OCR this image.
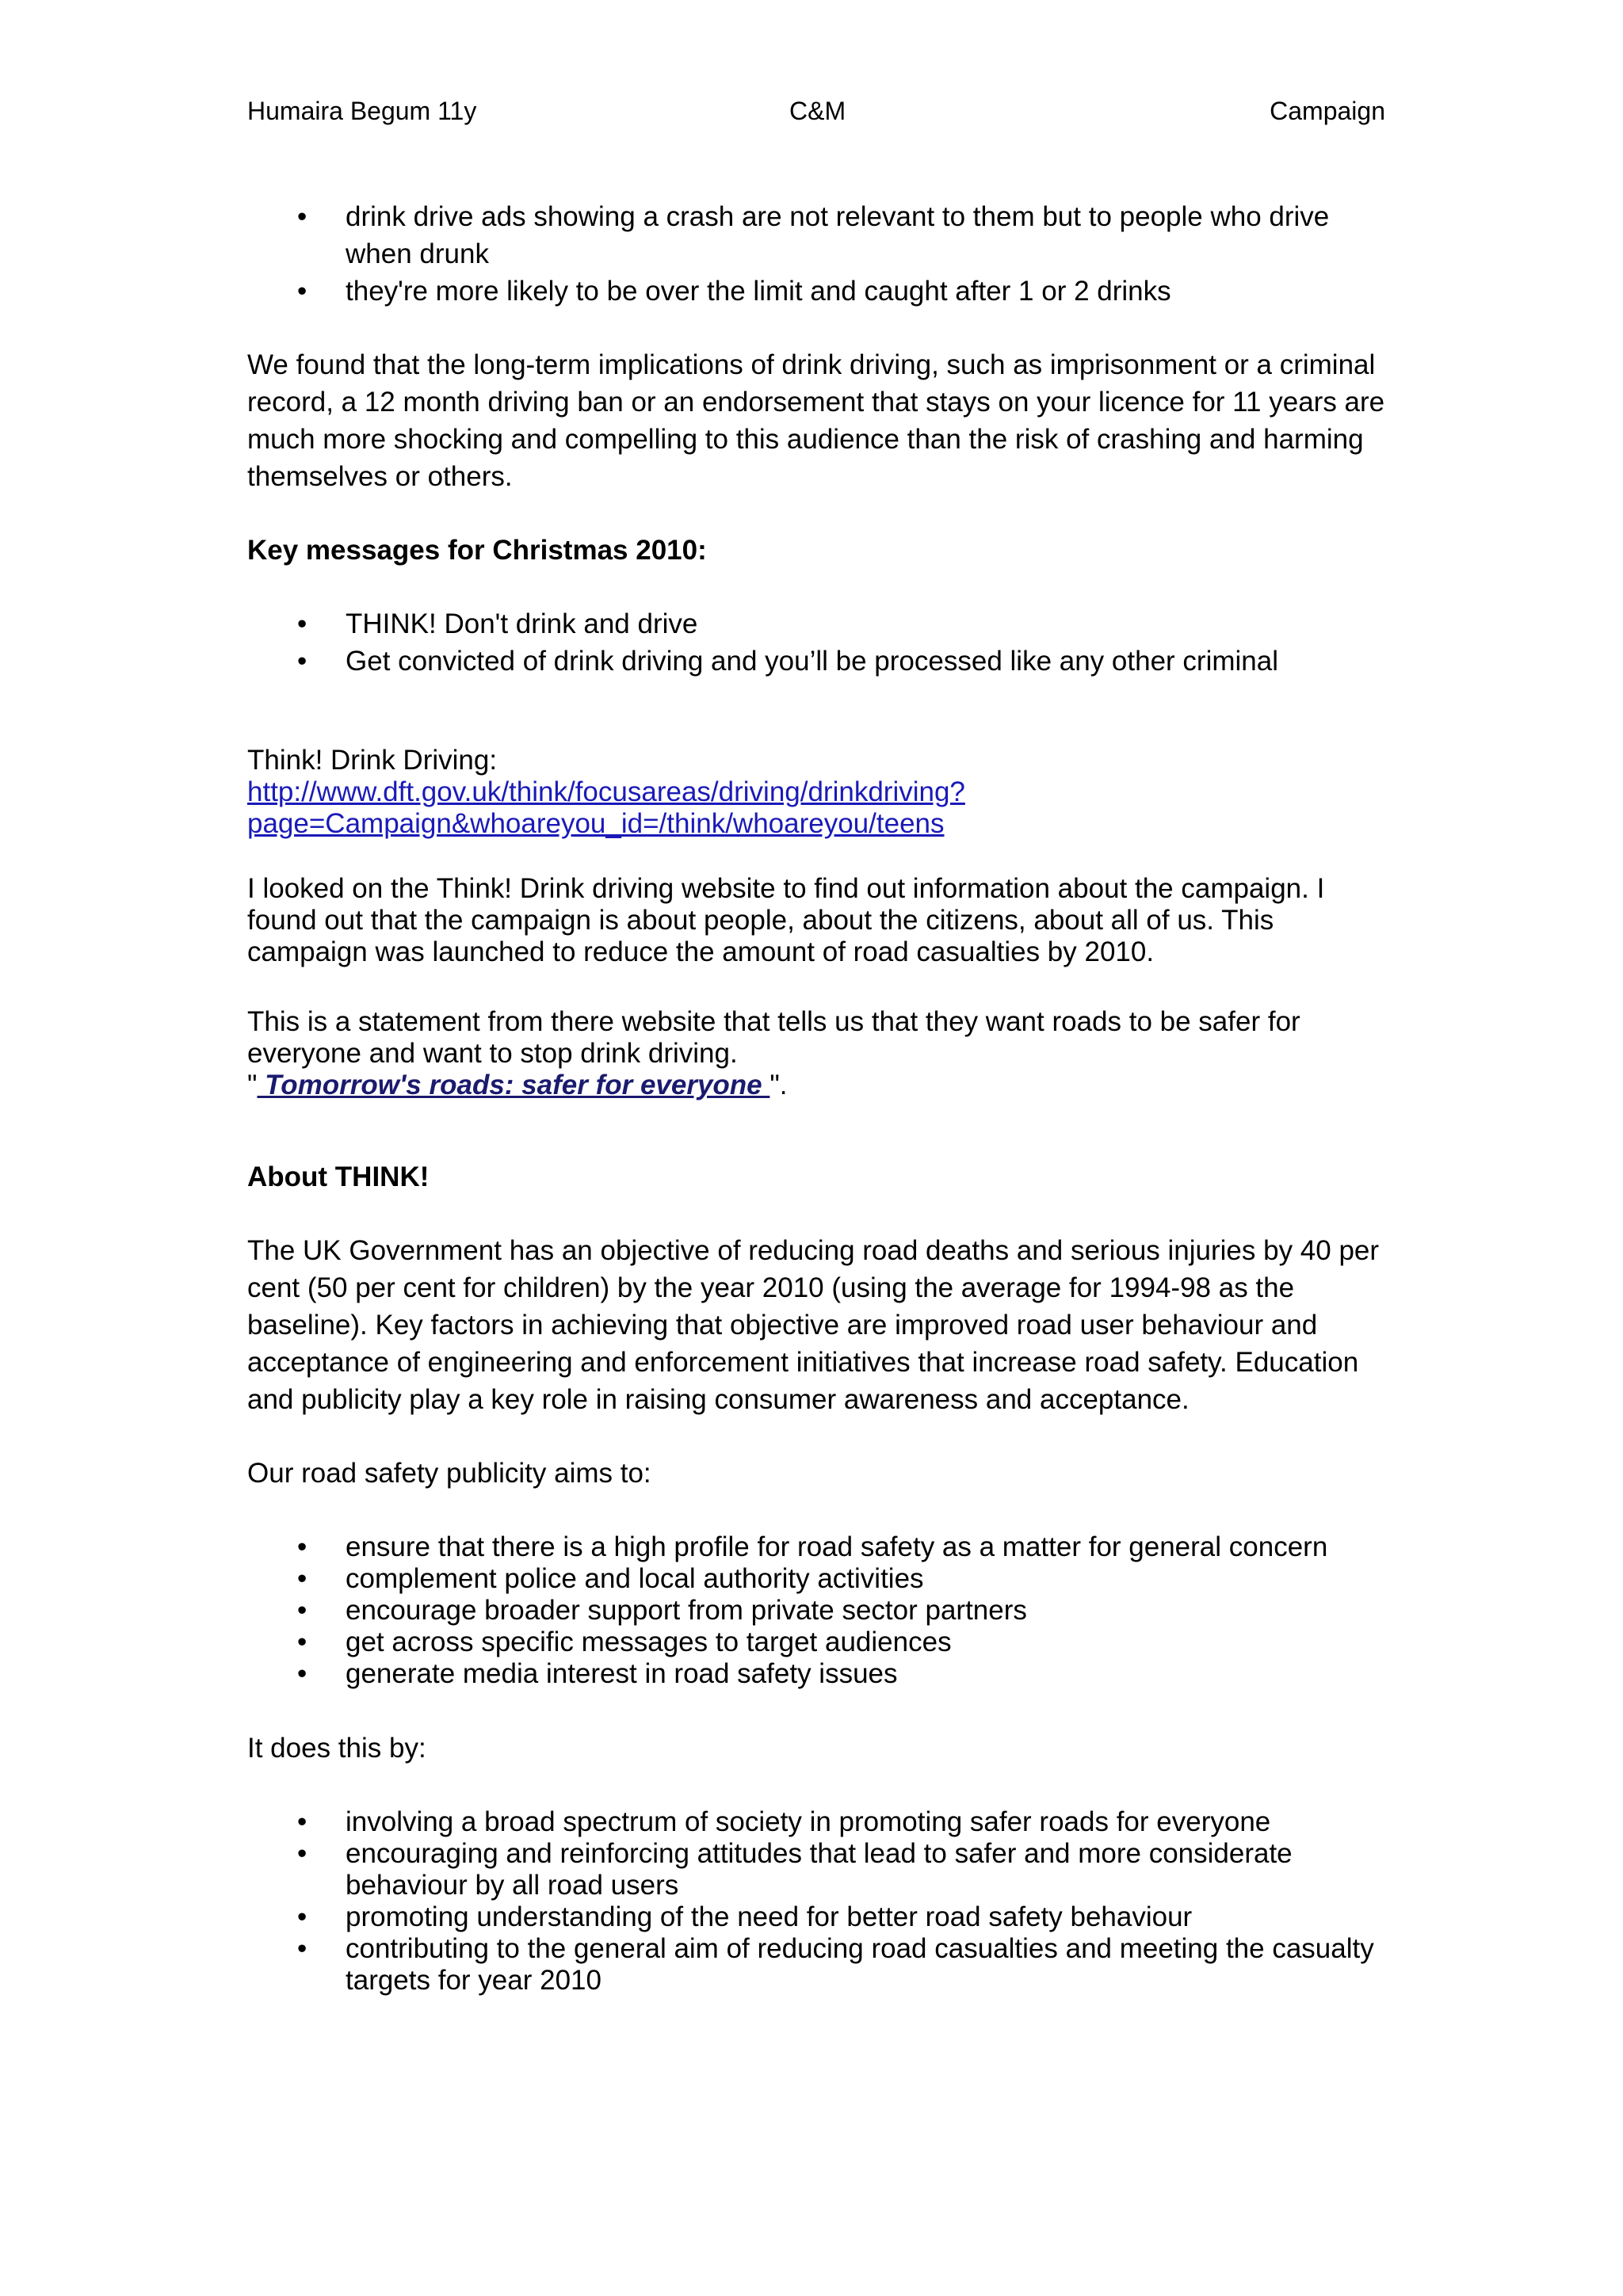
Humaira Begum 11y	C&M	Campaign
• drink drive ads showing a crash are not relevant to them but to people who drive when drunk
• they're more likely to be over the limit and caught after 1 or 2 drinks

We found that the long-term implications of drink driving, such as imprisonment or a criminal record, a 12 month driving ban or an endorsement that stays on your licence for 11 years are much more shocking and compelling to this audience than the risk of crashing and harming themselves or others.

Key messages for Christmas 2010:

• THINK! Don't drink and drive
• Get convicted of drink driving and you’ll be processed like any other criminal

Think! Drink Driving:

http://www.dft.gov.uk/think/focusareas/driving/drinkdriving?

page=Campaign&whoareyou_id=/think/whoareyou/teens

I looked on the Think! Drink driving website to find out information about the campaign. I found out that the campaign is about people, about the citizens, about all of us. This campaign was launched to reduce the amount of road casualties by 2010.

This is a statement from there website that tells us that they want roads to be safer for everyone and want to stop drink driving.

" Tomorrow's roads: safer for everyone ".

About THINK!

The UK Government has an objective of reducing road deaths and serious injuries by 40 per cent (50 per cent for children) by the year 2010 (using the average for 1994-98 as the baseline). Key factors in achieving that objective are improved road user behaviour and acceptance of engineering and enforcement initiatives that increase road safety. Education and publicity play a key role in raising consumer awareness and acceptance.

Our road safety publicity aims to:

• ensure that there is a high profile for road safety as a matter for general concern
• complement police and local authority activities
• encourage broader support from private sector partners
• get across specific messages to target audiences
• generate media interest in road safety issues

It does this by:

• involving a broad spectrum of society in promoting safer roads for everyone
• encouraging and reinforcing attitudes that lead to safer and more considerate behaviour by all road users
• promoting understanding of the need for better road safety behaviour
• contributing to the general aim of reducing road casualties and meeting the casualty targets for year 2010
